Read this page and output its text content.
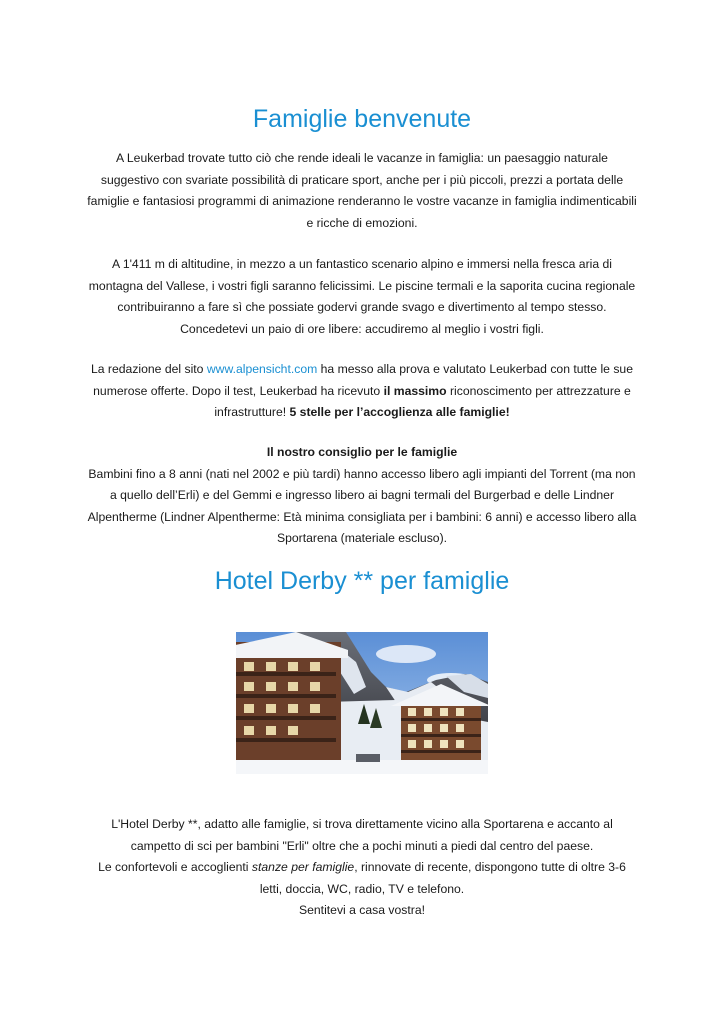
Famiglie benvenute

A Leukerbad trovate tutto ciò che rende ideali le vacanze in famiglia: un paesaggio naturale
suggestivo con svariate possibilità di praticare sport, anche per i più piccoli, prezzi a portata delle
famiglie e fantasiosi programmi di animazione renderanno le vostre vacanze in famiglia indimenticabili
e ricche di emozioni.

A 1'411 m di altitudine, in mezzo a un fantastico scenario alpino e immersi nella fresca aria di
montagna del Vallese, i vostri figli saranno felicissimi. Le piscine termali e la saporita cucina regionale
contribuiranno a fare sì che possiate godervi grande svago e divertimento al tempo stesso.
Concedetevi un paio di ore libere: accudiremo al meglio i vostri figli.

La redazione del sito www.alpensicht.com ha messo alla prova e valutato Leukerbad con tutte le sue
numerose offerte. Dopo il test, Leukerbad ha ricevuto il massimo riconoscimento per attrezzature e
infrastrutture! 5 stelle per l’accoglienza alle famiglie!

Il nostro consiglio per le famiglie
Bambini fino a 8 anni (nati nel 2002 e più tardi) hanno accesso libero agli impianti del Torrent (ma non
a quello dell’Erli) e del Gemmi e ingresso libero ai bagni termali del Burgerbad e delle Lindner
Alpentherme (Lindner Alpentherme: Età minima consigliata per i bambini: 6 anni) e accesso libero alla
Sportarena (materiale escluso).

Hotel Derby ** per famiglie

L'Hotel Derby **, adatto alle famiglie, si trova direttamente vicino alla Sportarena e accanto al
campetto di sci per bambini "Erli" oltre che a pochi minuti a piedi dal centro del paese.
Le confortevoli e accoglienti stanze per famiglie, rinnovate di recente, dispongono tutte di oltre 3-6
letti, doccia, WC, radio, TV e telefono.
Sentitevi a casa vostra!
